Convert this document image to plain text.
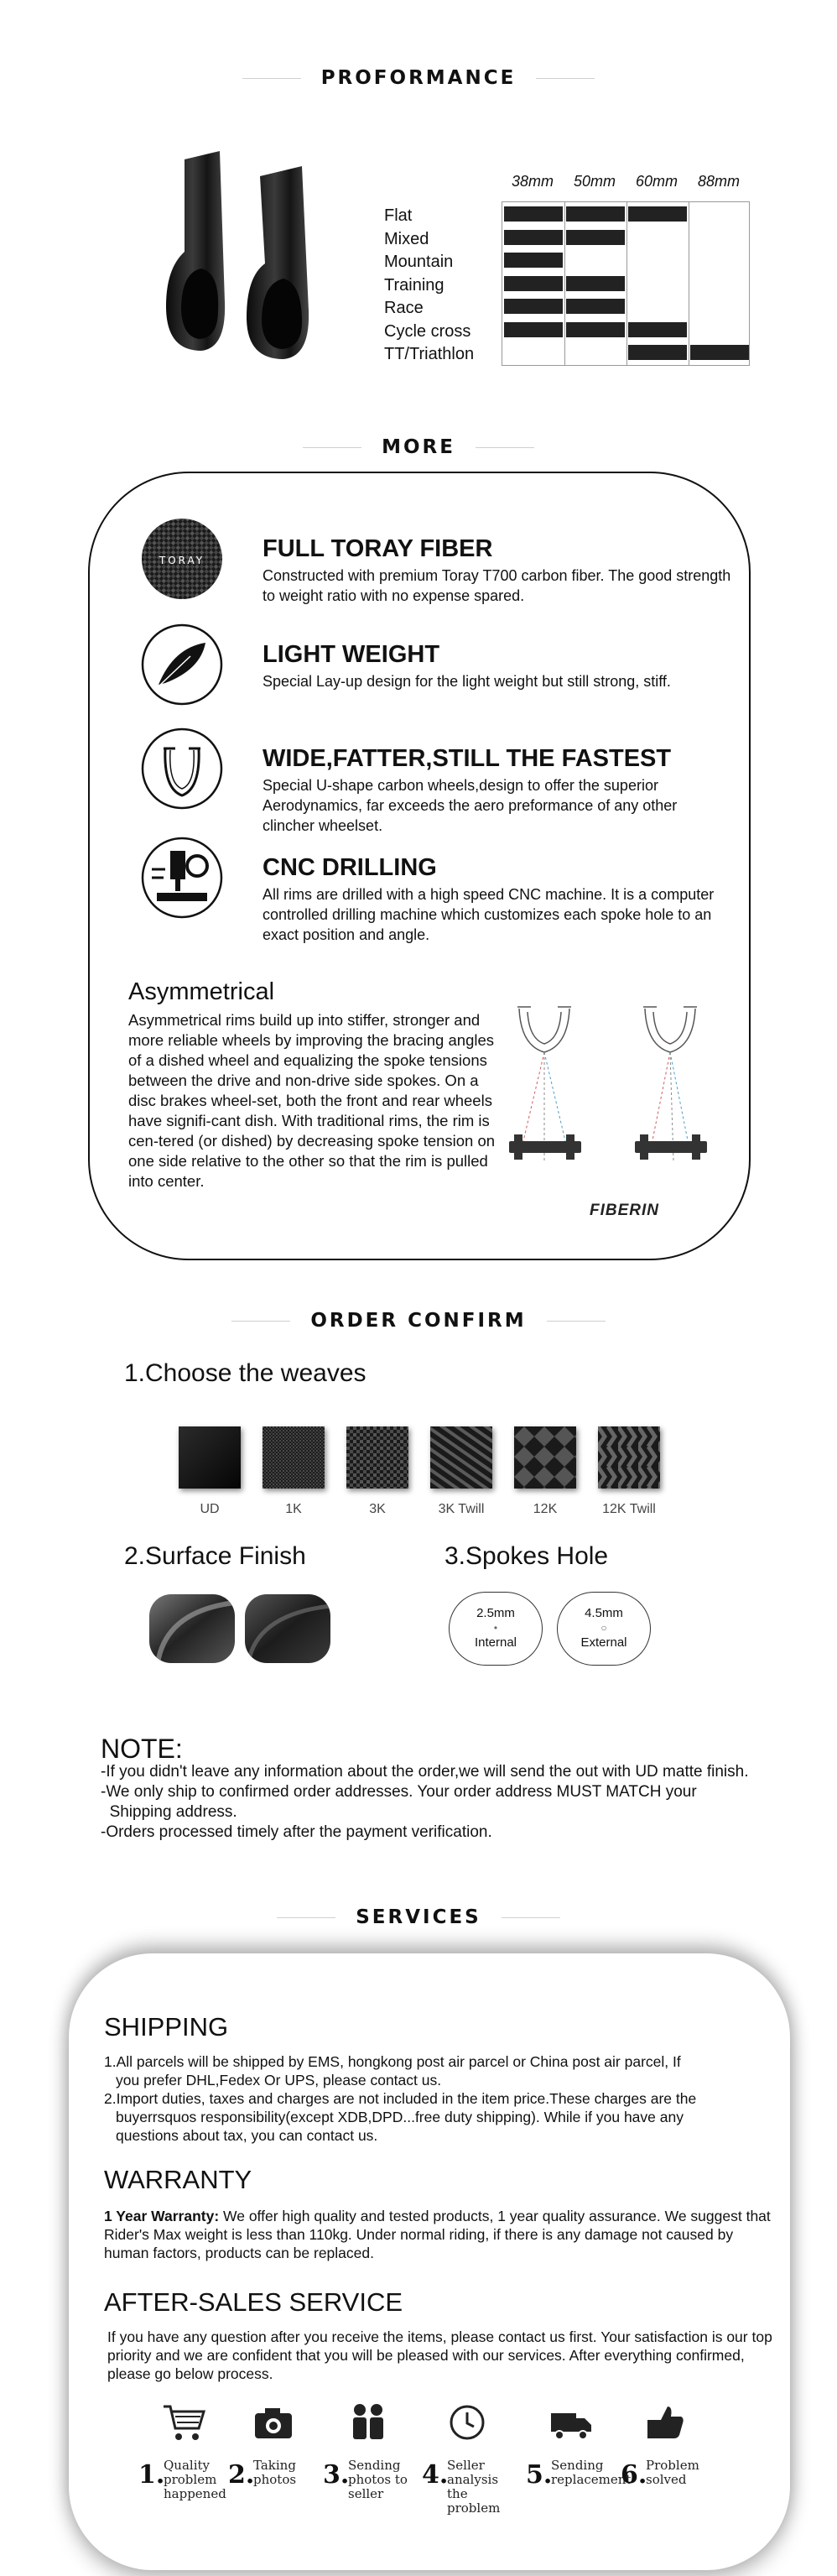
PROFORMANCE
38mm	50mm	60mm	88mm
Flat
Mixed
Mountain
Training
Race
Cycle cross
TT/Triathlon
MORE
TORAY FULL TORAY FIBER
Constructed with premium Toray T700 carbon fiber. The good strength to weight ratio with no expense spared.
LIGHT WEIGHT
Special Lay-up design for the light weight but still strong, stiff.
WIDE,FATTER,STILL THE FASTEST
Special U-shape carbon wheels,design to offer the superior Aerodynamics, far exceeds the aero preformance of any other clincher wheelset.
CNC DRILLING
All rims are drilled with a high speed CNC machine. It is a computer controlled drilling machine which customizes each spoke hole to an exact position and angle.
Asymmetrical
Asymmetrical rims build up into stiffer, stronger and more reliable wheels by improving the bracing angles of a dished wheel and equalizing the spoke tensions between the drive and non-drive side spokes. On a disc brakes wheel-set, both the front and rear wheels have signifi-cant dish. With traditional rims, the rim is cen-tered (or dished) by decreasing spoke tension on one side relative to the other so that the rim is pulled into center.
FIBERIN
ORDER CONFIRM
1.Choose the weaves
UD	1K	3K	3K Twill	12K	12K Twill
2.Surface Finish	3.Spokes Hole
2.5mm
•
Internal
4.5mm
○
External
NOTE:
-If you didn't leave any information about the order,we will send the out with UD matte finish.
-We only ship to confirmed order addresses. Your order address MUST MATCH your
Shipping address.
-Orders processed timely after the payment verification.
SERVICES
SHIPPING
1.All parcels will be shipped by EMS, hongkong post air parcel or China post air parcel, If
you prefer DHL,Fedex Or UPS, please contact us.
2.Import duties, taxes and charges are not included in the item price.These charges are the
buyerrsquos responsibility(except XDB,DPD...free duty shipping). While if you have any
questions about tax, you can contact us.
WARRANTY
1 Year Warranty: We offer high quality and tested products, 1 year quality assurance. We suggest that Rider's Max weight is less than 110kg. Under normal riding, if there is any damage not caused by human factors, products can be replaced.
AFTER-SALES SERVICE
If you have any question after you receive the items, please contact us first. Your satisfaction is our top priority and we are confident that you will be pleased with our services. After everything confirmed, please go below process.
1.
Quality problem happened
2.
Taking photos	3.
Sending photos to seller
4.
Seller analysis the problem
5.
Sending replacement
6.
Problem solved
